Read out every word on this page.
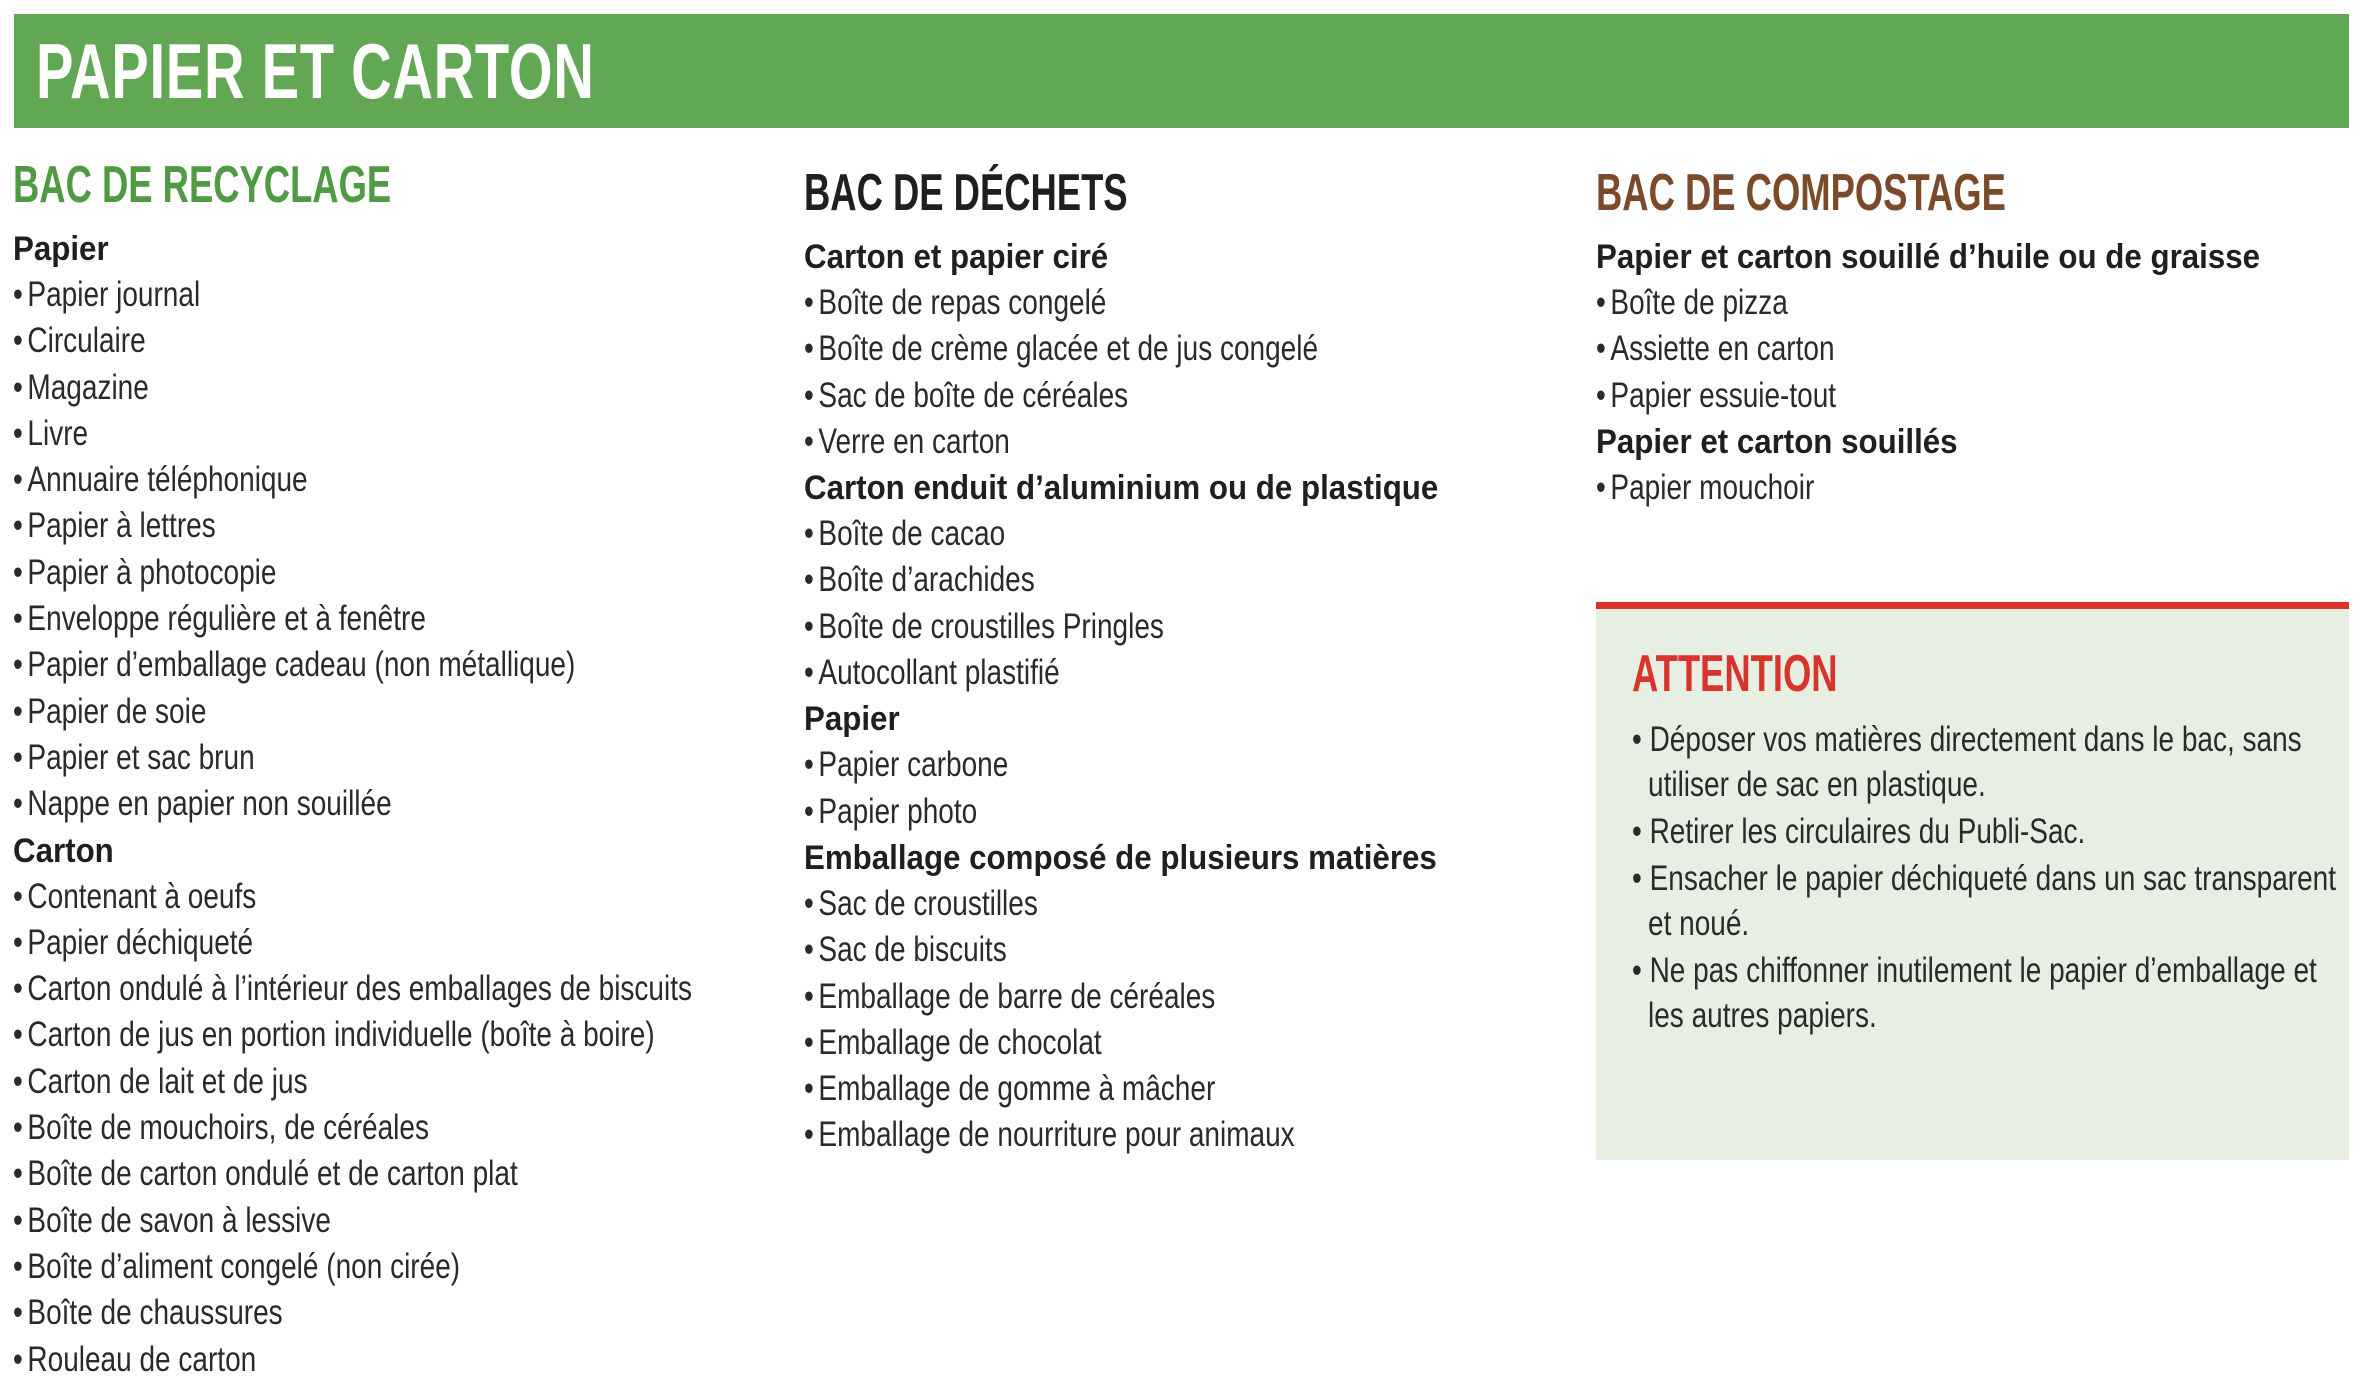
PAPIER ET CARTON
BAC DE RECYCLAGE
Papier
• Papier journal
• Circulaire
• Magazine
• Livre
• Annuaire téléphonique
• Papier à lettres
• Papier à photocopie
• Enveloppe régulière et à fenêtre
• Papier d’emballage cadeau (non métallique)
• Papier de soie
• Papier et sac brun
• Nappe en papier non souillée
Carton
• Contenant à oeufs
• Papier déchiqueté
• Carton ondulé à l’intérieur des emballages de biscuits
• Carton de jus en portion individuelle (boîte à boire)
• Carton de lait et de jus
• Boîte de mouchoirs, de céréales
• Boîte de carton ondulé et de carton plat
• Boîte de savon à lessive
• Boîte d’aliment congelé (non cirée)
• Boîte de chaussures
• Rouleau de carton
BAC DE DÉCHETS
Carton et papier ciré
• Boîte de repas congelé
• Boîte de crème glacée et de jus congelé
• Sac de boîte de céréales
• Verre en carton
Carton enduit d’aluminium ou de plastique
• Boîte de cacao
• Boîte d’arachides
• Boîte de croustilles Pringles
• Autocollant plastifié
Papier
• Papier carbone
• Papier photo
Emballage composé de plusieurs matières
• Sac de croustilles
• Sac de biscuits
• Emballage de barre de céréales
• Emballage de chocolat
• Emballage de gomme à mâcher
• Emballage de nourriture pour animaux
BAC DE COMPOSTAGE
Papier et carton souillé d’huile ou de graisse
• Boîte de pizza
• Assiette en carton
• Papier essuie-tout
Papier et carton souillés
• Papier mouchoir
ATTENTION
• Déposer vos matières directement dans le bac, sans utiliser de sac en plastique.
• Retirer les circulaires du Publi-Sac.
• Ensacher le papier déchiqueté dans un sac transparent et noué.
• Ne pas chiffonner inutilement le papier d’emballage et les autres papiers.
